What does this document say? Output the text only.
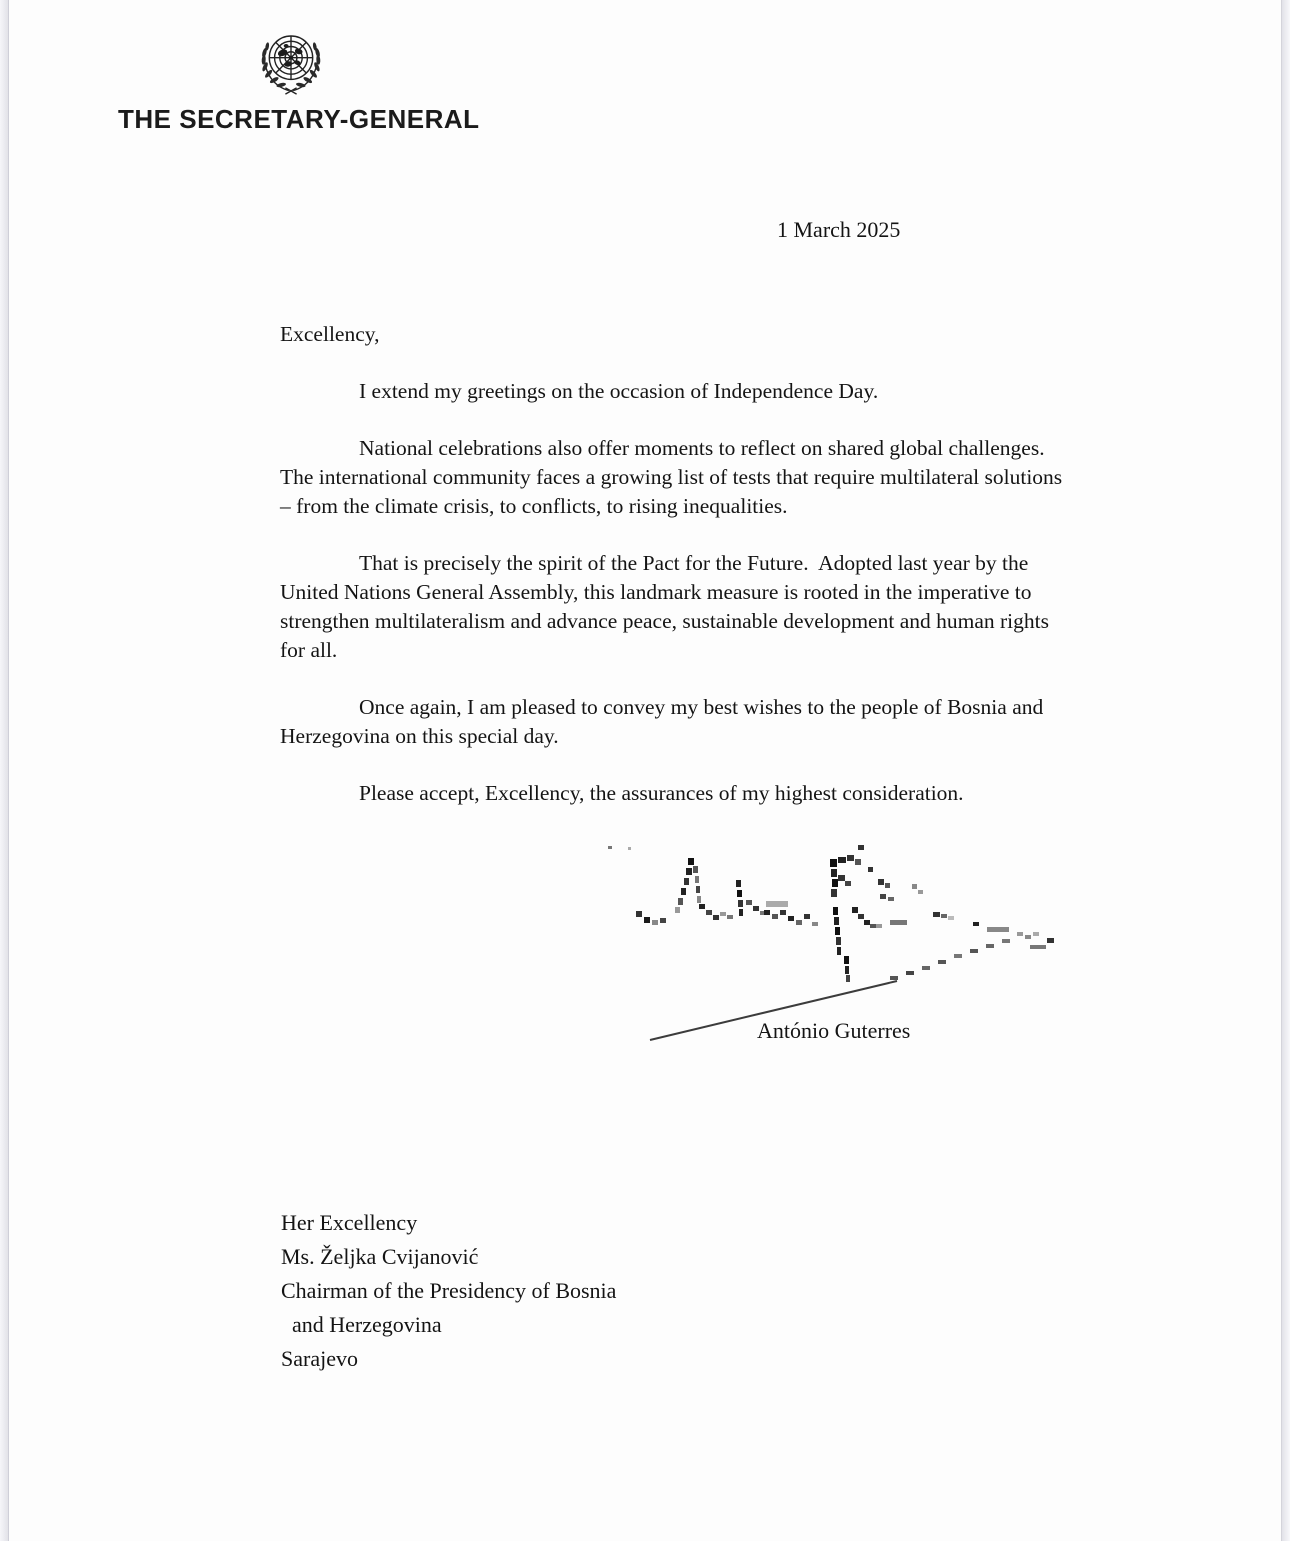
THE SECRETARY-GENERAL
1 March 2025

Excellency,

I extend my greetings on the occasion of Independence Day.

National celebrations also offer moments to reflect on shared global challenges.  The international community faces a growing list of tests that require multilateral solutions – from the climate crisis, to conflicts, to rising inequalities.

That is precisely the spirit of the Pact for the Future.  Adopted last year by the United Nations General Assembly, this landmark measure is rooted in the imperative to strengthen multilateralism and advance peace, sustainable development and human rights for all.

Once again, I am pleased to convey my best wishes to the people of Bosnia and Herzegovina on this special day.

Please accept, Excellency, the assurances of my highest consideration.

António Guterres
Her Excellency
Ms. Željka Cvijanović
Chairman of the Presidency of Bosnia
and Herzegovina
Sarajevo
